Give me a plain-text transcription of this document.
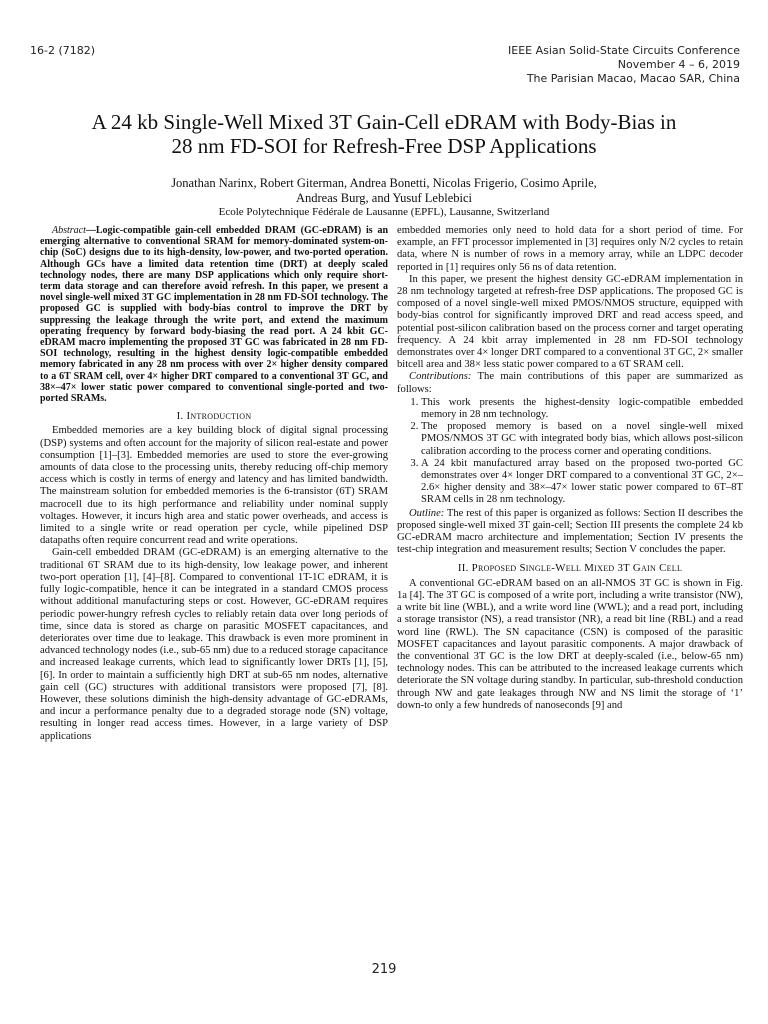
16-2 (7182)	IEEE Asian Solid-State Circuits Conference
November 4 – 6, 2019
The Parisian Macao, Macao SAR, China
A 24 kb Single-Well Mixed 3T Gain-Cell eDRAM with Body-Bias in
28 nm FD-SOI for Refresh-Free DSP Applications
Jonathan Narinx, Robert Giterman, Andrea Bonetti, Nicolas Frigerio, Cosimo Aprile,
Andreas Burg, and Yusuf Leblebici
Ecole Polytechnique Fédérale de Lausanne (EPFL), Lausanne, Switzerland

Abstract—Logic-compatible gain-cell embedded DRAM (GC-eDRAM) is an emerging alternative to conventional SRAM for memory-dominated system-on-chip (SoC) designs due to its high-density, low-power, and two-ported operation. Although GCs have a limited data retention time (DRT) at deeply scaled technology nodes, there are many DSP applications which only require short-term data storage and can therefore avoid refresh. In this paper, we present a novel single-well mixed 3T GC implementation in 28 nm FD-SOI technology. The proposed GC is supplied with body-bias control to improve the DRT by suppressing the leakage through the write port, and extend the maximum operating frequency by forward body-biasing the read port. A 24 kbit GC-eDRAM macro implementing the proposed 3T GC was fabricated in 28 nm FD-SOI technology, resulting in the highest density logic-compatible embedded memory fabricated in any 28 nm process with over 2× higher density compared to a 6T SRAM cell, over 4× higher DRT compared to a conventional 3T GC, and 38×–47× lower static power compared to conventional single-ported and two-ported SRAMs.

I. Introduction

Embedded memories are a key building block of digital signal processing (DSP) systems and often account for the majority of silicon real-estate and power consumption [1]–[3]. Embedded memories are used to store the ever-growing amounts of data close to the processing units, thereby reducing off-chip memory access which is costly in terms of energy and latency and has limited bandwidth. The mainstream solution for embedded memories is the 6-transistor (6T) SRAM macrocell due to its high performance and reliability under nominal supply voltages. However, it incurs high area and static power overheads, and access is limited to a single write or read operation per cycle, while pipelined DSP datapaths often require concurrent read and write operations.

Gain-cell embedded DRAM (GC-eDRAM) is an emerging alternative to the traditional 6T SRAM due to its high-density, low leakage power, and inherent two-port operation [1], [4]–[8]. Compared to conventional 1T-1C eDRAM, it is fully logic-compatible, hence it can be integrated in a standard CMOS process without additional manufacturing steps or cost. However, GC-eDRAM requires periodic power-hungry refresh cycles to reliably retain data over long periods of time, since data is stored as charge on parasitic MOSFET capacitances, and deteriorates over time due to leakage. This drawback is even more prominent in advanced technology nodes (i.e., sub-65 nm) due to a reduced storage capacitance and increased leakage currents, which lead to significantly lower DRTs [1], [5], [6]. In order to maintain a sufficiently high DRT at sub-65 nm nodes, alternative gain cell (GC) structures with additional transistors were proposed [7], [8]. However, these solutions diminish the high-density advantage of GC-eDRAMs, and incur a performance penalty due to a degraded storage node (SN) voltage, resulting in longer read access times. However, in a large variety of DSP applications

embedded memories only need to hold data for a short period of time. For example, an FFT processor implemented in [3] requires only N/2 cycles to retain data, where N is number of rows in a memory array, while an LDPC decoder reported in [1] requires only 56 ns of data retention.

In this paper, we present the highest density GC-eDRAM implementation in 28 nm technology targeted at refresh-free DSP applications. The proposed GC is composed of a novel single-well mixed PMOS/NMOS structure, equipped with body-bias control for significantly improved DRT and read access speed, and potential post-silicon calibration based on the process corner and target operating frequency. A 24 kbit array implemented in 28 nm FD-SOI technology demonstrates over 4× longer DRT compared to a conventional 3T GC, 2× smaller bitcell area and 38× less static power compared to a 6T SRAM cell.

Contributions: The main contributions of this paper are summarized as follows:

1. This work presents the highest-density logic-compatible embedded memory in 28 nm technology.
2. The proposed memory is based on a novel single-well mixed PMOS/NMOS 3T GC with integrated body bias, which allows post-silicon calibration according to the process corner and operating conditions.
3. A 24 kbit manufactured array based on the proposed two-ported GC demonstrates over 4× longer DRT compared to a conventional 3T GC, 2×–2.6× higher density and 38×–47× lower static power compared to 6T–8T SRAM cells in 28 nm technology.

Outline: The rest of this paper is organized as follows: Section II describes the proposed single-well mixed 3T gain-cell; Section III presents the complete 24 kb GC-eDRAM macro architecture and implementation; Section IV presents the test-chip integration and measurement results; Section V concludes the paper.

II. Proposed Single-Well Mixed 3T Gain Cell

A conventional GC-eDRAM based on an all-NMOS 3T GC is shown in Fig. 1a [4]. The 3T GC is composed of a write port, including a write transistor (NW), a write bit line (WBL), and a write word line (WWL); and a read port, including a storage transistor (NS), a read transistor (NR), a read bit line (RBL) and a read word line (RWL). The SN capacitance (CSN) is composed of the parasitic MOSFET capacitances and layout parasitic components. A major drawback of the conventional 3T GC is the low DRT at deeply-scaled (i.e., below-65 nm) technology nodes. This can be attributed to the increased leakage currents which deteriorate the SN voltage during standby. In particular, sub-threshold conduction through NW and gate leakages through NW and NS limit the storage of ‘1’ down-to only a few hundreds of nanoseconds [9] and

219
